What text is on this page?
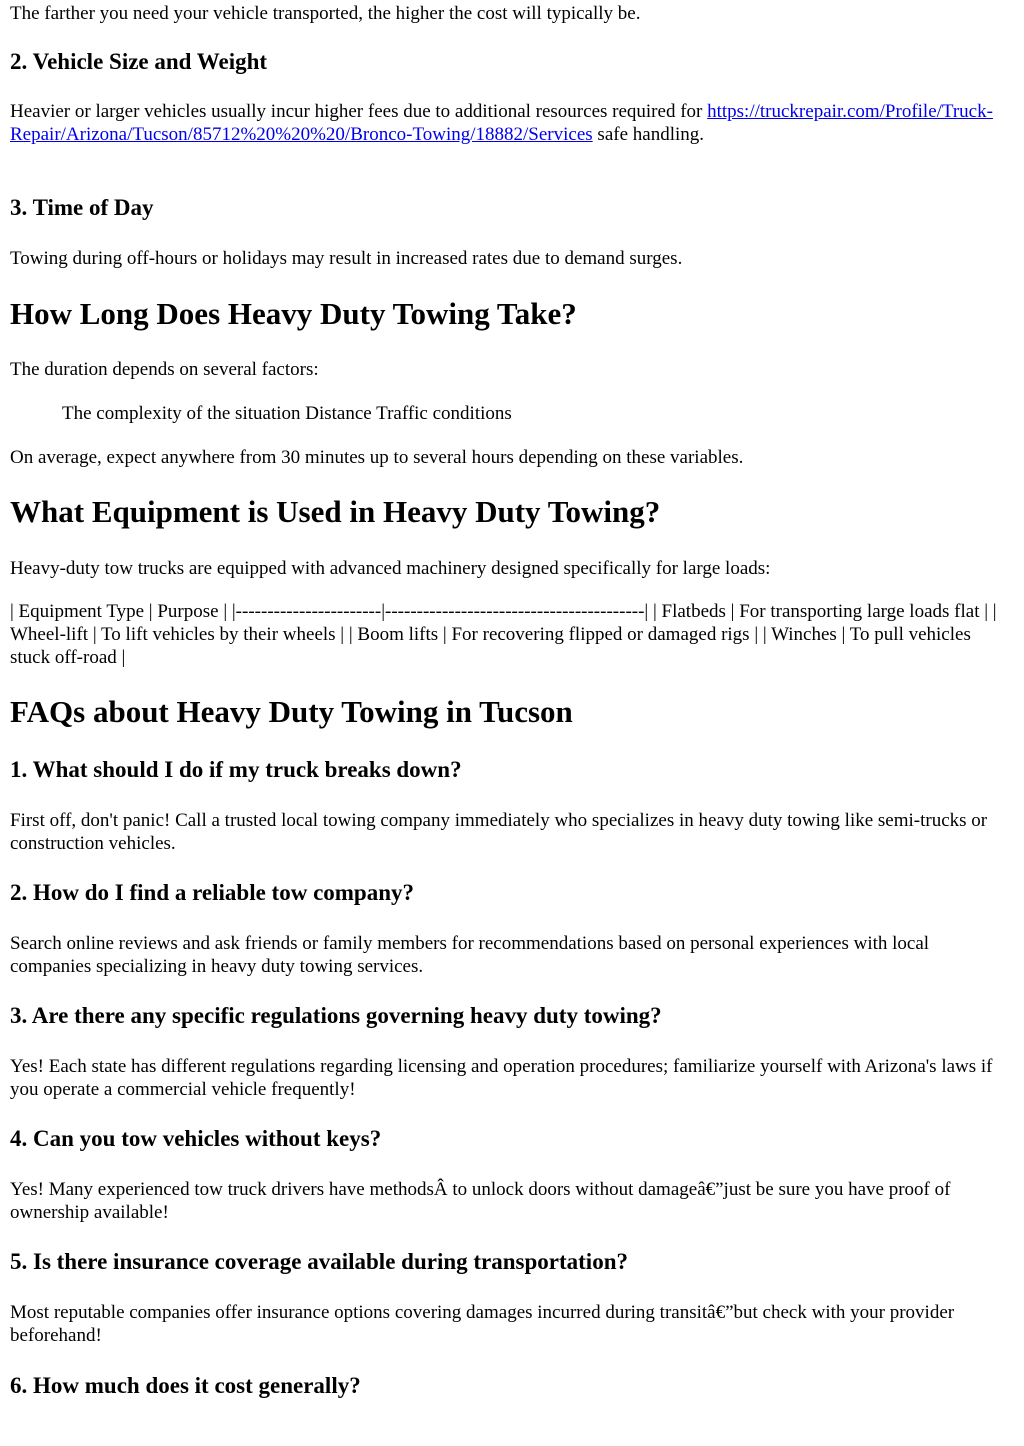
The farther you need your vehicle transported, the higher the cost will typically be.

2. Vehicle Size and Weight

Heavier or larger vehicles usually incur higher fees due to additional resources required for https://truckrepair.com/Profile/Truck-Repair/Arizona/Tucson/85712%20%20%20/Bronco-Towing/18882/Services safe handling.

3. Time of Day

Towing during off-hours or holidays may result in increased rates due to demand surges.

How Long Does Heavy Duty Towing Take?

The duration depends on several factors:

The complexity of the situation Distance Traffic conditions

On average, expect anywhere from 30 minutes up to several hours depending on these variables.

What Equipment is Used in Heavy Duty Towing?

Heavy-duty tow trucks are equipped with advanced machinery designed specifically for large loads:

| Equipment Type | Purpose | |-----------------------|-----------------------------------------| | Flatbeds | For transporting large loads flat | | Wheel-lift | To lift vehicles by their wheels | | Boom lifts | For recovering flipped or damaged rigs | | Winches | To pull vehicles stuck off-road |

FAQs about Heavy Duty Towing in Tucson
1. What should I do if my truck breaks down?

First off, don't panic! Call a trusted local towing company immediately who specializes in heavy duty towing like semi-trucks or construction vehicles.

2. How do I find a reliable tow company?

Search online reviews and ask friends or family members for recommendations based on personal experiences with local companies specializing in heavy duty towing services.

3. Are there any specific regulations governing heavy duty towing?

Yes! Each state has different regulations regarding licensing and operation procedures; familiarize yourself with Arizona's laws if you operate a commercial vehicle frequently!

4. Can you tow vehicles without keys?

Yes! Many experienced tow truck drivers have methodsÂ to unlock doors without damageâ€”just be sure you have proof of ownership available!

5. Is there insurance coverage available during transportation?

Most reputable companies offer insurance options covering damages incurred during transitâ€”but check with your provider beforehand!

6. How much does it cost generally?
